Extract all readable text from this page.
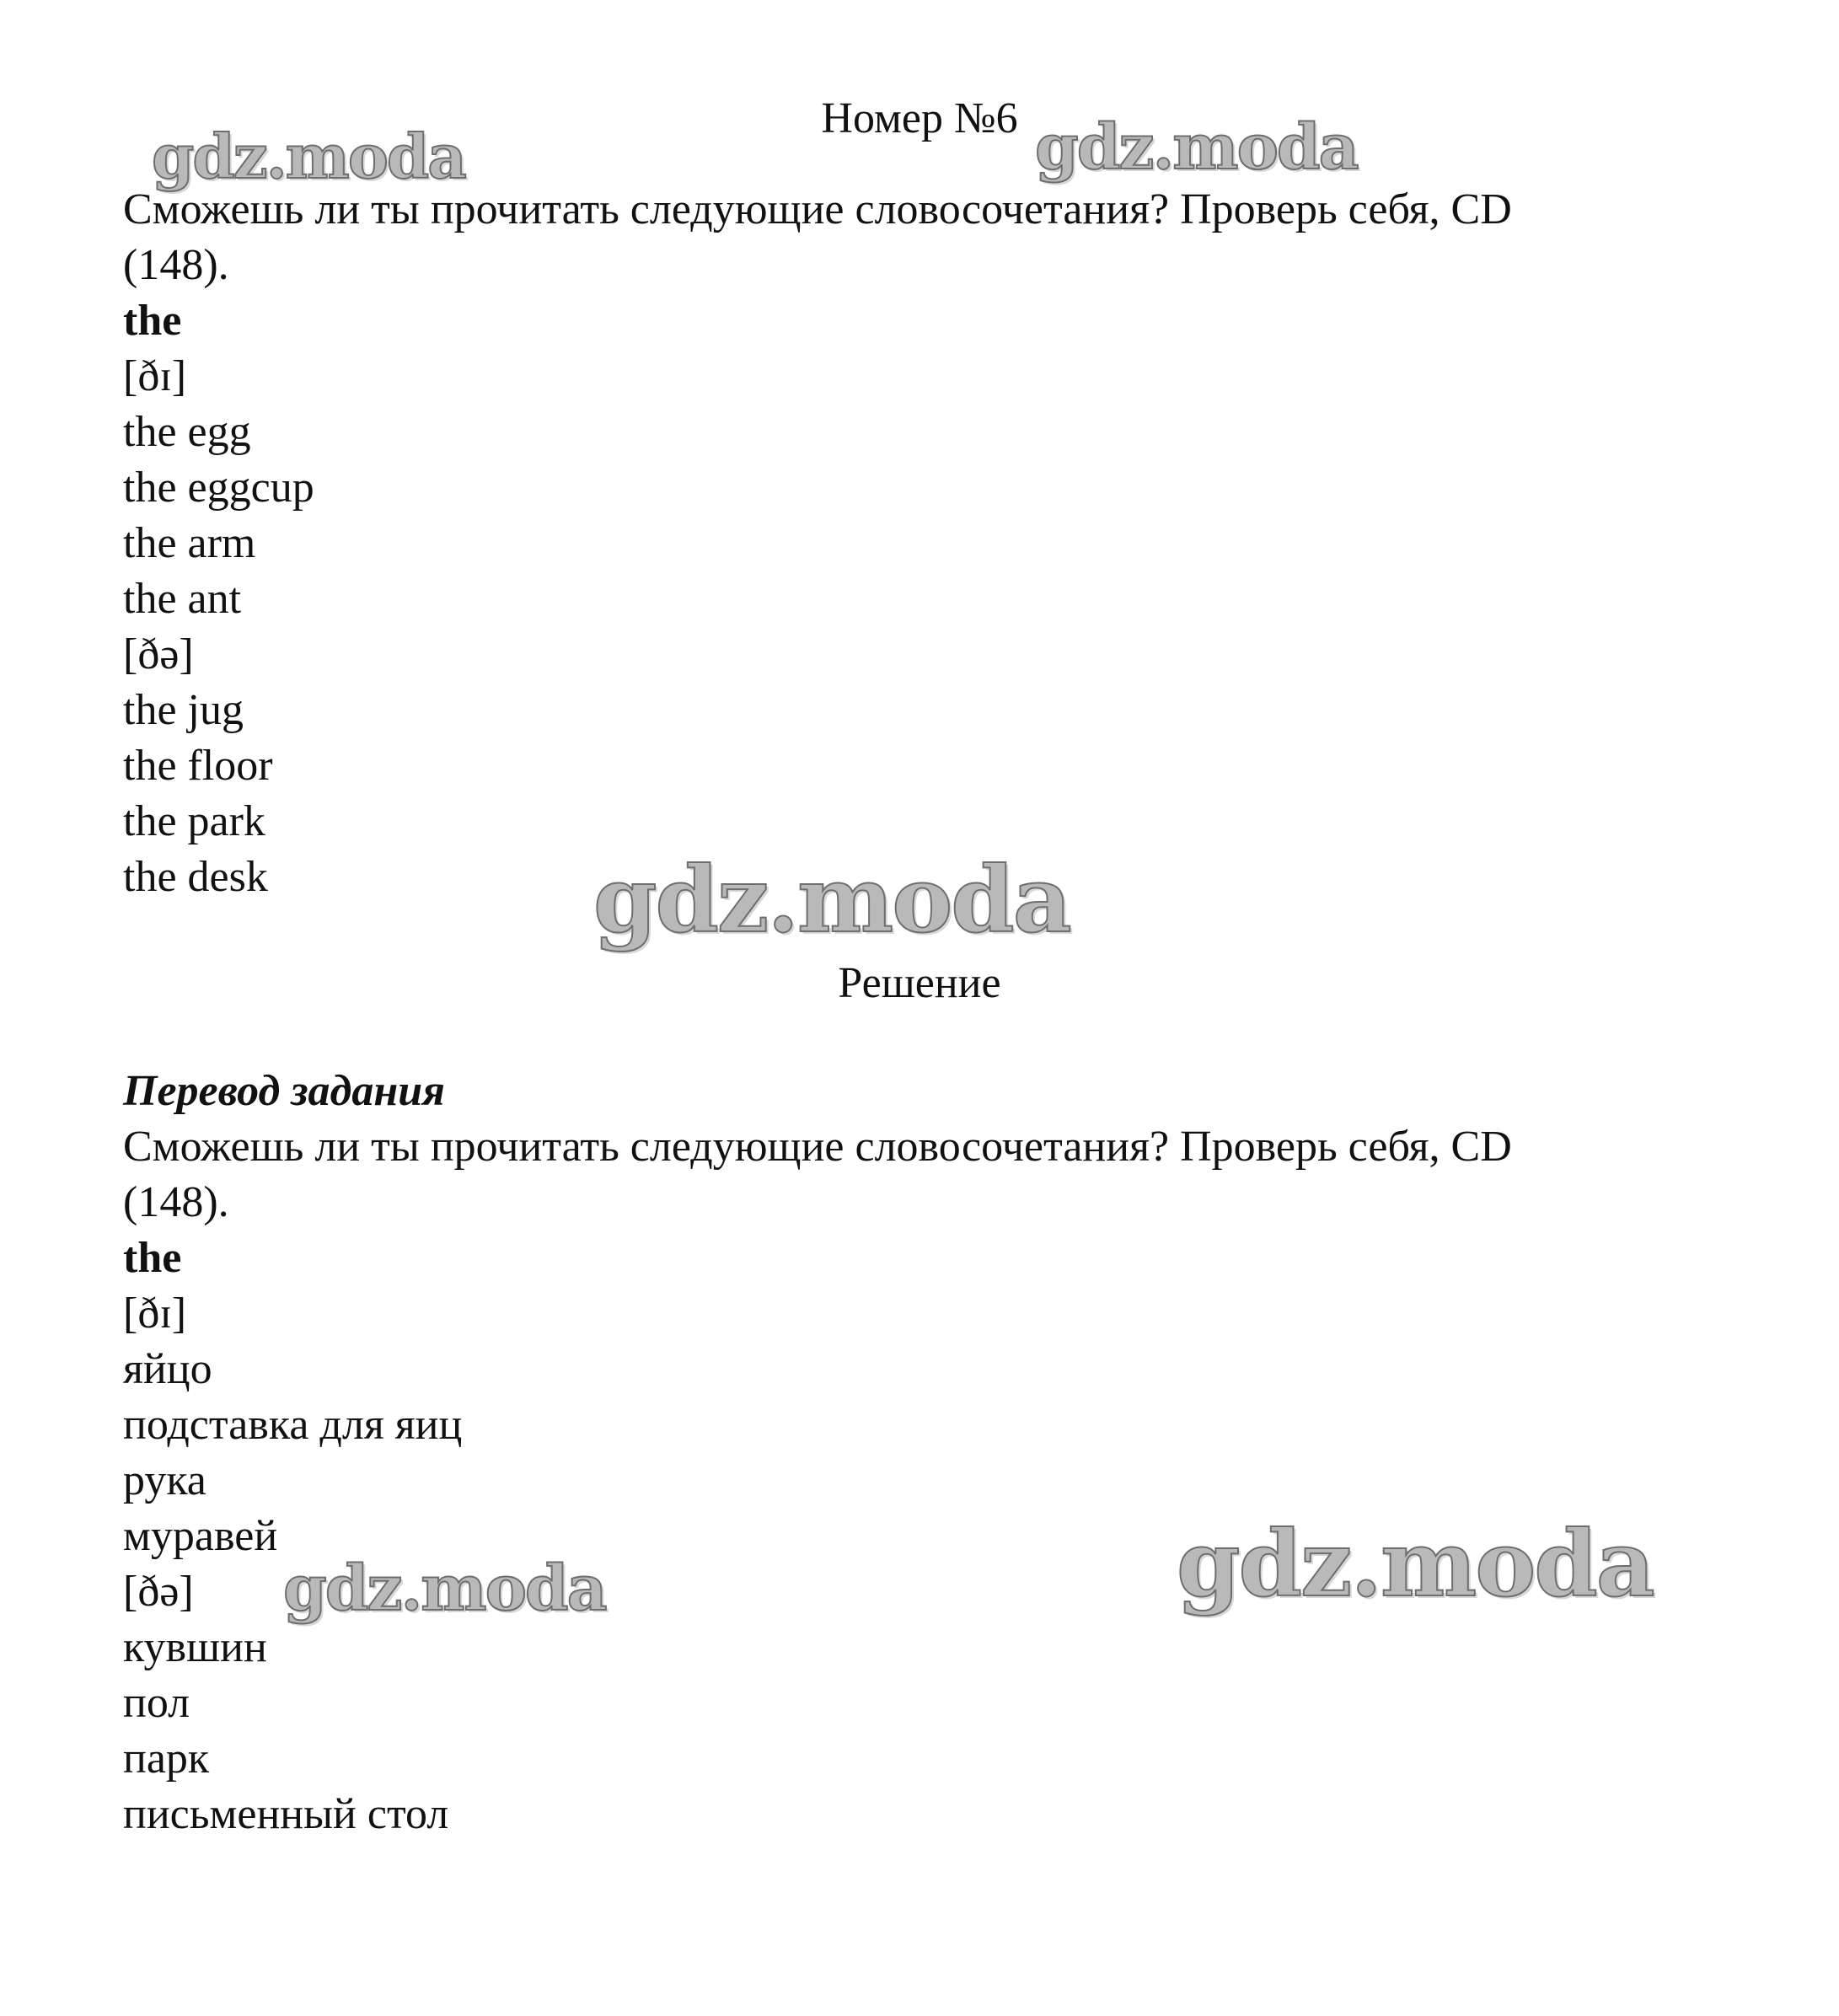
gdz.moda	gdz.moda
gdz.moda
gdz.moda	gdz.moda
Номер №6
Сможешь ли ты прочитать следующие словосочетания? Проверь себя, CD
(148).
the
[ðɪ]
the egg
the eggcup
the arm
the ant
[ðə]
the jug
the floor
the park
the desk
Решение
Перевод задания
Сможешь ли ты прочитать следующие словосочетания? Проверь себя, CD
(148).
the
[ðɪ]
яйцо
подставка для яиц
рука
муравей
[ðə]
кувшин
пол
парк
письменный стол
